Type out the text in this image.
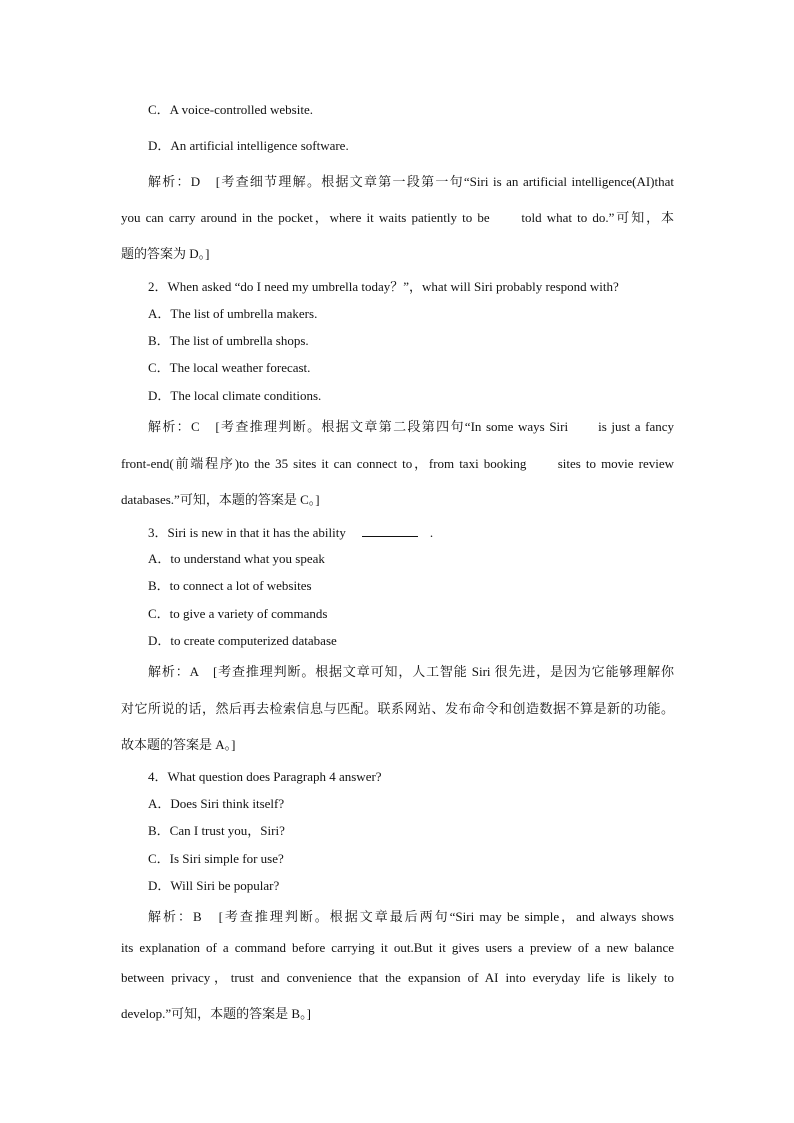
C．A voice-controlled website.
D．An artificial intelligence software.
解析：D　[考查细节理解。根据文章第一段第一句“Siri is an artificial intelligence(AI)that
you can carry around in the pocket，where it waits patiently to be　　told what to do.”可知，本
题的答案为 D。]
2．When asked “do I need my umbrella today？”，what will Siri probably respond with?
A．The list of umbrella makers.
B．The list of umbrella shops.
C．The local weather forecast.
D．The local climate conditions.
解析：C　[考查推理判断。根据文章第二段第四句“In some ways Siri　　is just a fancy
front-end(前端程序)to the 35 sites it can connect to，from taxi booking　　sites to movie review
databases.”可知，本题的答案是 C。]
3．Siri is new in that it has the ability	.
A．to understand what you speak
B．to connect a lot of websites
C．to give a variety of commands
D．to create computerized database
解析：A　[考查推理判断。根据文章可知，人工智能 Siri 很先进，是因为它能够理解你
对它所说的话，然后再去检索信息与匹配。联系网站、发布命令和创造数据不算是新的功能。
故本题的答案是 A。]
4．What question does Paragraph 4 answer?
A．Does Siri think itself?
B．Can I trust you，Siri?
C．Is Siri simple for use?
D．Will Siri be popular?
解析：B　[考查推理判断。根据文章最后两句“Siri may be simple，and always shows
its explanation of a command before carrying it out.But it gives users a preview of a new balance
between privacy，trust and convenience that the expansion of AI into everyday life is likely to
develop.”可知，本题的答案是 B。]
